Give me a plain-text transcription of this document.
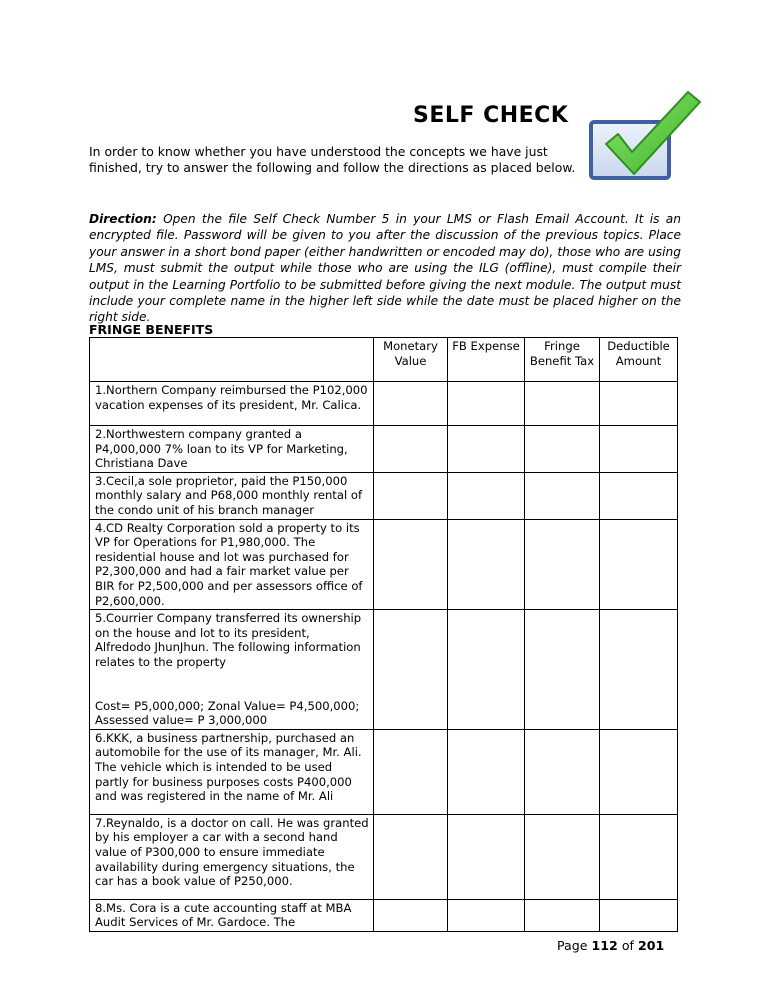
SELF CHECK
In order to know whether you have understood the concepts we have just finished, try to answer the following and follow the directions as placed below.
Direction: Open the file Self Check Number 5 in your LMS or Flash Email Account. It is an encrypted file. Password will be given to you after the discussion of the previous topics. Place your answer in a short bond paper (either handwritten or encoded may do), those who are using LMS, must submit the output while those who are using the ILG (offline), must compile their output in the Learning Portfolio to be submitted before giving the next module. The output must include your complete name in the higher left side while the date must be placed higher on the right side.
FRINGE BENEFITS
	Monetary Value	FB Expense	Fringe Benefit Tax	Deductible Amount
1.Northern Company reimbursed the P102,000 vacation expenses of its president, Mr. Calica.				
2.Northwestern company granted a P4,000,000 7% loan to its VP for Marketing, Christiana Dave				
3.Cecil,a sole proprietor, paid the P150,000 monthly salary and P68,000 monthly rental of the condo unit of his branch manager				
4.CD Realty Corporation sold a property to its VP for Operations for P1,980,000. The residential house and lot was purchased for P2,300,000 and had a fair market value per BIR for P2,500,000 and per assessors office of P2,600,000.				
5.Courrier Company transferred its ownership on the house and lot to its president, Alfredodo JhunJhun. The following information relates to the property

Cost= P5,000,000; Zonal Value= P4,500,000; Assessed value= P 3,000,000				
6.KKK, a business partnership, purchased an automobile for the use of its manager, Mr. Ali. The vehicle which is intended to be used partly for business purposes costs P400,000 and was registered in the name of Mr. Ali				
7.Reynaldo, is a doctor on call. He was granted by his employer a car with a second hand value of P300,000 to ensure immediate availability during emergency situations, the car has a book value of P250,000.				
8.Ms. Cora is a cute accounting staff at MBA Audit Services of Mr. Gardoce. The				
Page 112 of 201
